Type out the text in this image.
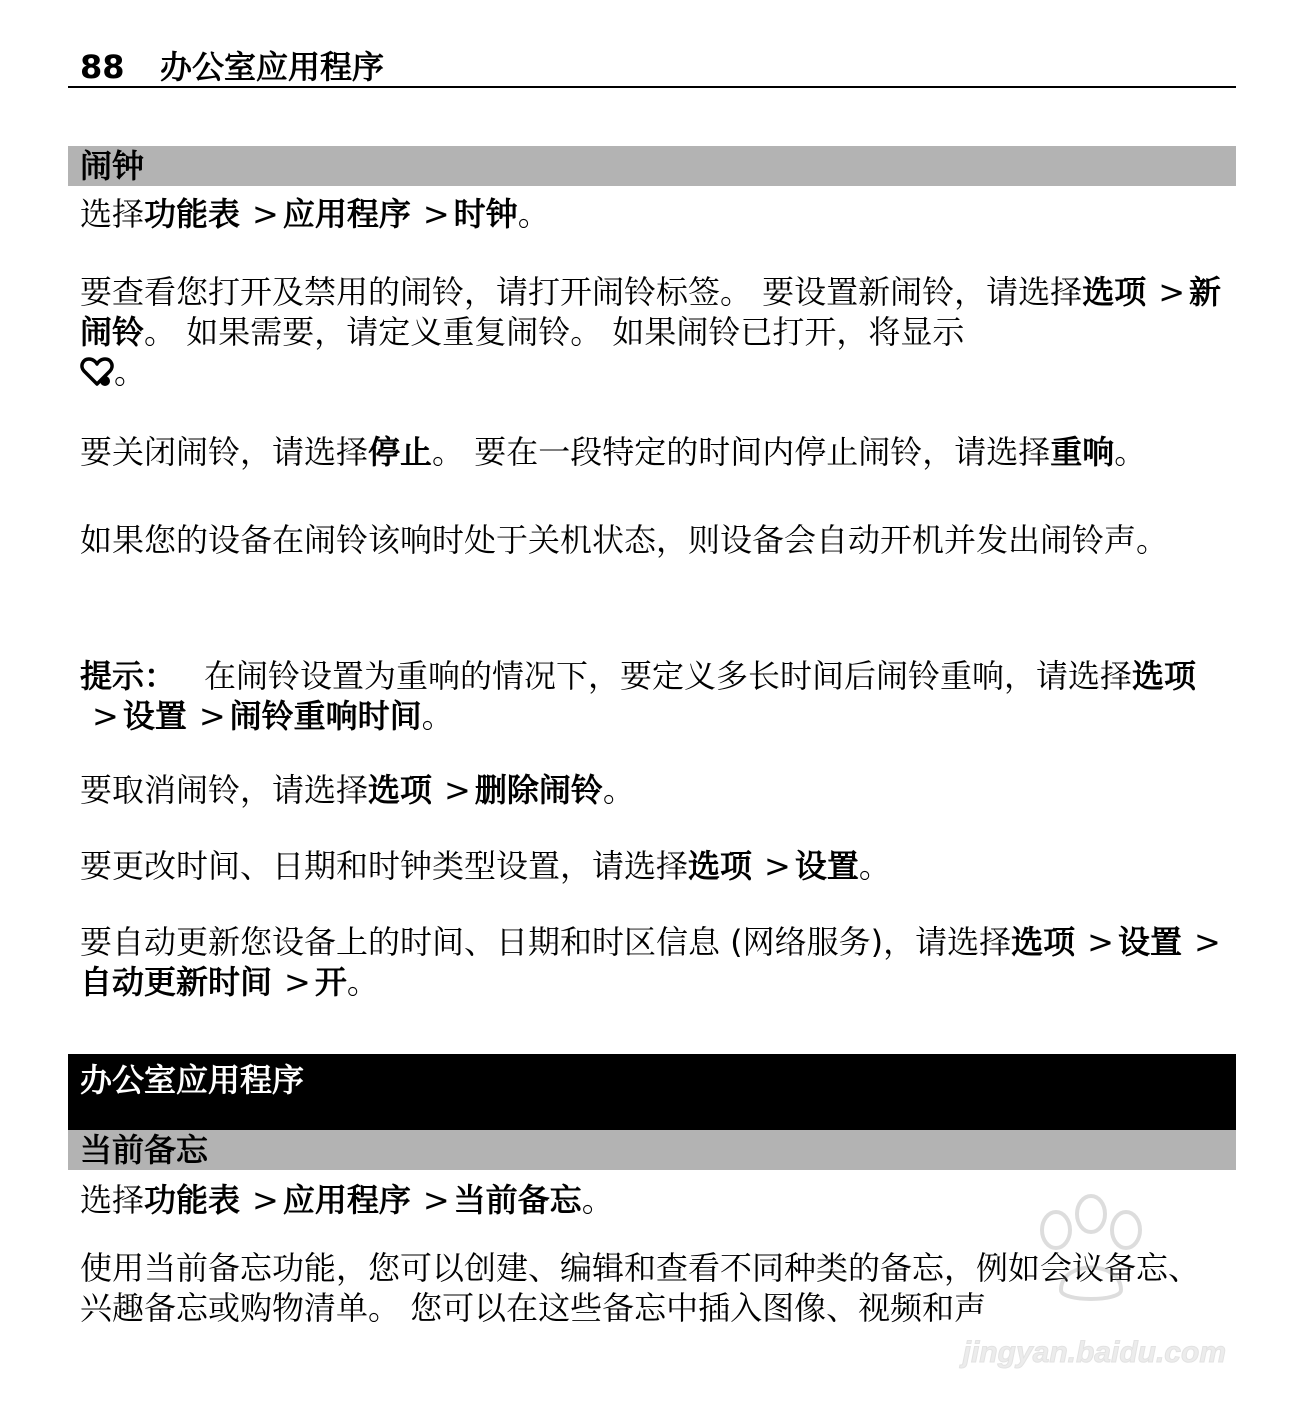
88 办公室应用程序
闹钟

选择功能表 > 应用程序 > 时钟。

要查看您打开及禁用的闹铃，请打开闹铃标签。 要设置新闹铃，请选择选项 > 新闹铃。 如果需要，请定义重复闹铃。 如果闹铃已打开，将显示
。

要关闭闹铃，请选择停止。 要在一段特定的时间内停止闹铃，请选择重响。

如果您的设备在闹铃该响时处于关机状态，则设备会自动开机并发出闹铃声。

提示： 在闹铃设置为重响的情况下，要定义多长时间后闹铃重响，请选择选项> 设置 > 闹铃重响时间。

要取消闹铃，请选择选项 > 删除闹铃。

要更改时间、日期和时钟类型设置，请选择选项 > 设置。

要自动更新您设备上的时间、日期和时区信息 (网络服务)，请选择选项 > 设置 >自动更新时间 > 开。

办公室应用程序
当前备忘

选择功能表 > 应用程序 > 当前备忘。

使用当前备忘功能，您可以创建、编辑和查看不同种类的备忘，例如会议备忘、兴趣备忘或购物清单。 您可以在这些备忘中插入图像、视频和声

jingyan.baidu.com
